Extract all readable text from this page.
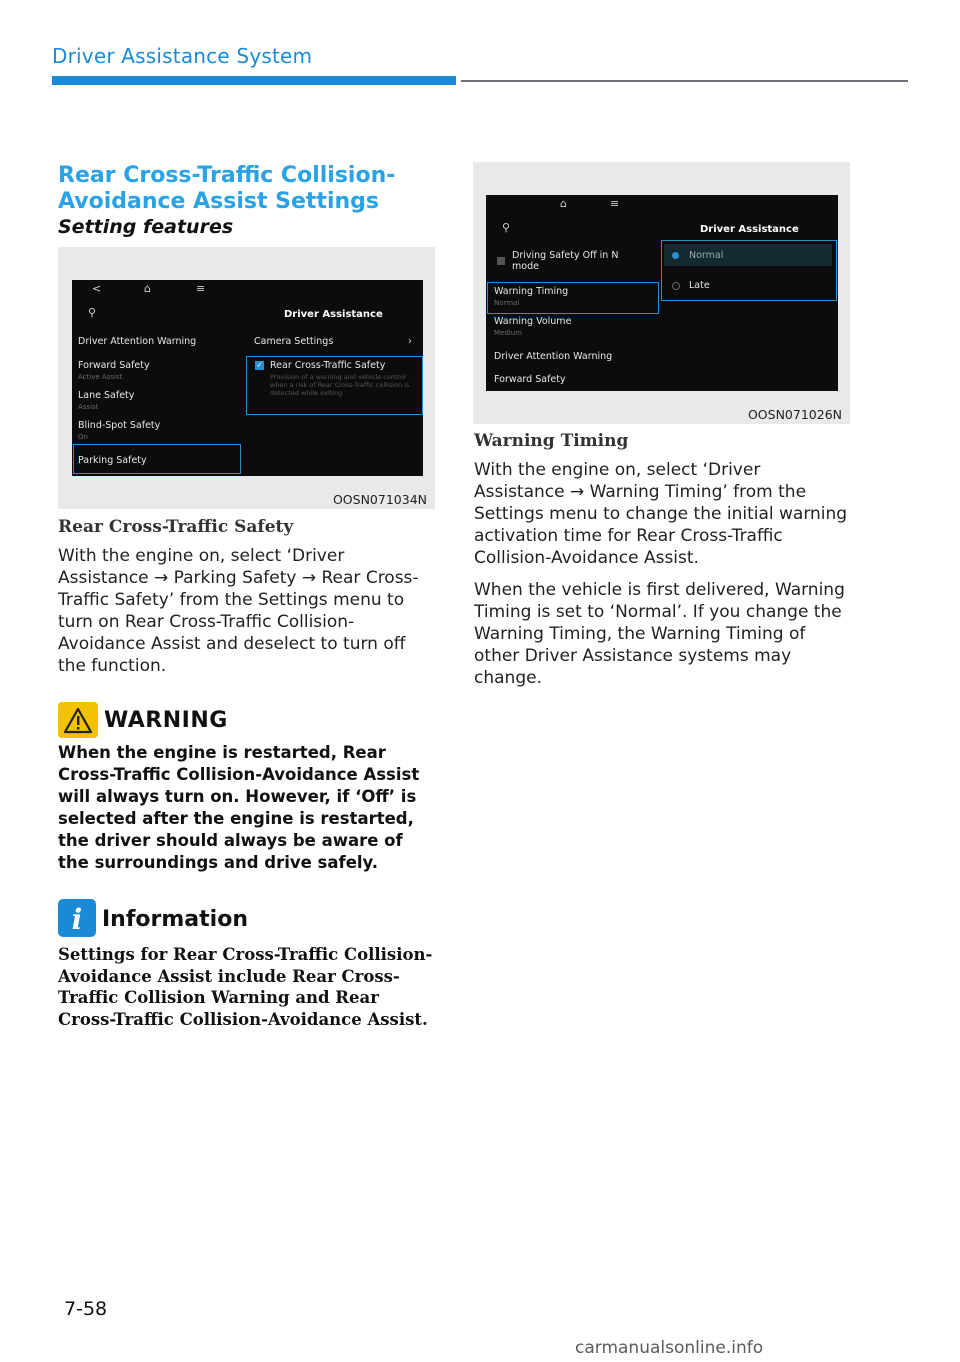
Driver Assistance System
Rear Cross-Traffic Collision-
Avoidance Assist Settings
Setting features
<	⌂	≡
⚲	Driver Assistance
Driver Attention Warning
Forward Safety
Active Assist
Lane Safety
Assist
Blind-Spot Safety
On
Parking Safety
Camera Settings	›
✓ Rear Cross-Traffic Safety
Provision of a warning and vehicle control when a risk of Rear Cross-Traffic collision is detected while exiting
OOSN071034N
Rear Cross-Traffic Safety

With the engine on, select ‘Driver Assistance → Parking Safety → Rear Cross-Traffic Safety’ from the Settings menu to turn on Rear Cross-Traffic Collision-Avoidance Assist and deselect to turn off the function.

WARNING
When the engine is restarted, Rear Cross-Traffic Collision-Avoidance Assist will always turn on. However, if ‘Off’ is selected after the engine is restarted, the driver should always be aware of the surroundings and drive safely.
i Information
Settings for Rear Cross-Traffic Collision-Avoidance Assist include Rear Cross-Traffic Collision Warning and Rear Cross-Traffic Collision-Avoidance Assist.
⌂	≡
⚲	Driver Assistance
Driving Safety Off in N mode
Warning Timing
Normal
Warning Volume
Medium
Driver Attention Warning
Forward Safety
Normal
Late
OOSN071026N
Warning Timing

With the engine on, select ‘Driver Assistance → Warning Timing’ from the Settings menu to change the initial warning activation time for Rear Cross-Traffic Collision-Avoidance Assist.

When the vehicle is first delivered, Warning Timing is set to ‘Normal’. If you change the Warning Timing, the Warning Timing of other Driver Assistance systems may change.

7-58
carmanualsonline.info
